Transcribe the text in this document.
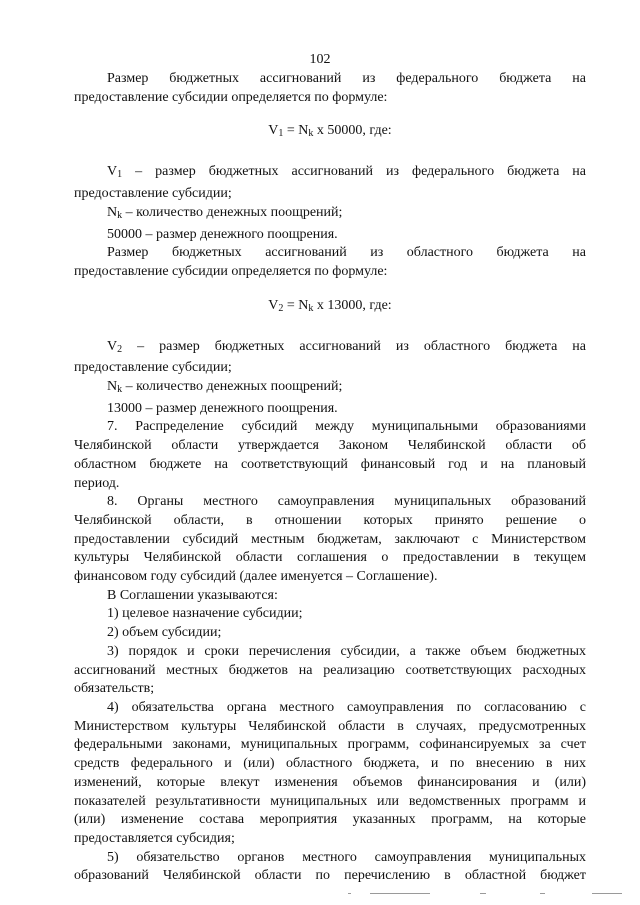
102

Размер бюджетных ассигнований из федерального бюджета на

предоставление субсидии определяется по формуле:

$V_1 = N_k$ x 50000, где:

$V_1$ – размер бюджетных ассигнований из федерального бюджета на

предоставление субсидии;

$N_k$ – количество денежных поощрений;

50000 – размер денежного поощрения.

Размер бюджетных ассигнований из областного бюджета на

предоставление субсидии определяется по формуле:

$V_2 = N_k$ x 13000, где:

$V_2$ – размер бюджетных ассигнований из областного бюджета на

предоставление субсидии;

$N_k$ – количество денежных поощрений;

13000 – размер денежного поощрения.

7. Распределение субсидий между муниципальными образованиями

Челябинской области утверждается Законом Челябинской области об

областном бюджете на соответствующий финансовый год и на плановый

период.

8. Органы местного самоуправления муниципальных образований

Челябинской области, в отношении которых принято решение о

предоставлении субсидий местным бюджетам, заключают с Министерством

культуры Челябинской области соглашения о предоставлении в текущем

финансовом году субсидий (далее именуется – Соглашение).

В Соглашении указываются:

1) целевое назначение субсидии;

2) объем субсидии;

3) порядок и сроки перечисления субсидии, а также объем бюджетных

ассигнований местных бюджетов на реализацию соответствующих расходных

обязательств;

4) обязательства органа местного самоуправления по согласованию с

Министерством культуры Челябинской области в случаях, предусмотренных

федеральными законами, муниципальных программ, софинансируемых за счет

средств федерального и (или) областного бюджета, и по внесению в них

изменений, которые влекут изменения объемов финансирования и (или)

показателей результативности муниципальных или ведомственных программ и

(или) изменение состава мероприятия указанных программ, на которые

предоставляется субсидия;

5) обязательство органов местного самоуправления муниципальных

образований Челябинской области по перечислению в областной бюджет
